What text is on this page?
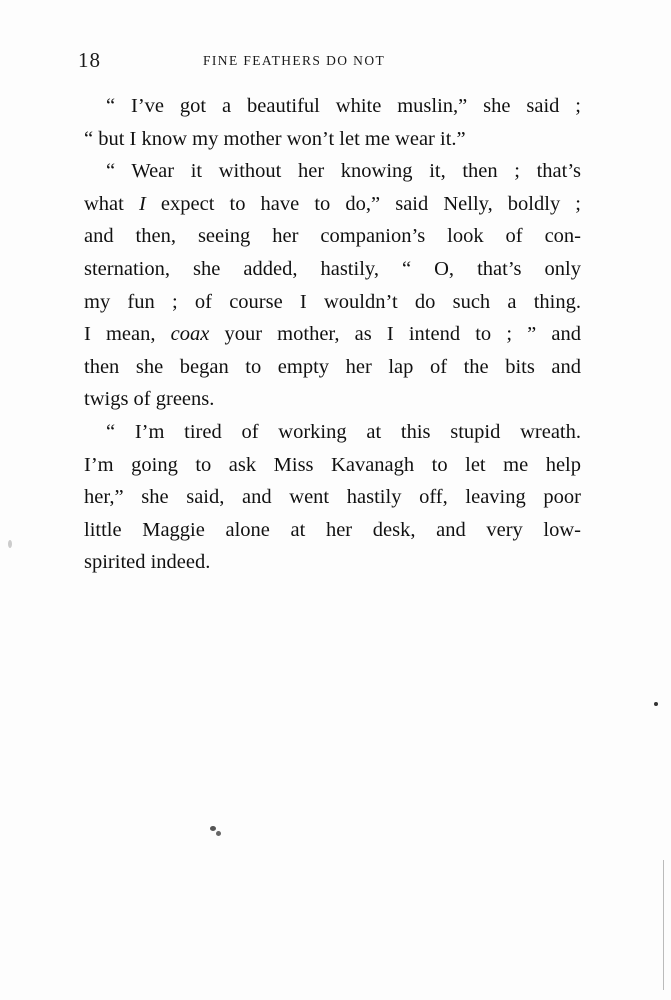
18	FINE FEATHERS DO NOT
“ I’ve got a beautiful white muslin,” she said ;
“ but I know my mother won’t let me wear it.”
“ Wear it without her knowing it, then ; that’s
what I expect to have to do,” said Nelly, boldly ;
and then, seeing her companion’s look of con-
sternation, she added, hastily, “ O, that’s only
my fun ; of course I wouldn’t do such a thing.
I mean, coax your mother, as I intend to ; ” and
then she began to empty her lap of the bits and
twigs of greens.
“ I’m tired of working at this stupid wreath.
I’m going to ask Miss Kavanagh to let me help
her,” she said, and went hastily off, leaving poor
little Maggie alone at her desk, and very low-
spirited indeed.
